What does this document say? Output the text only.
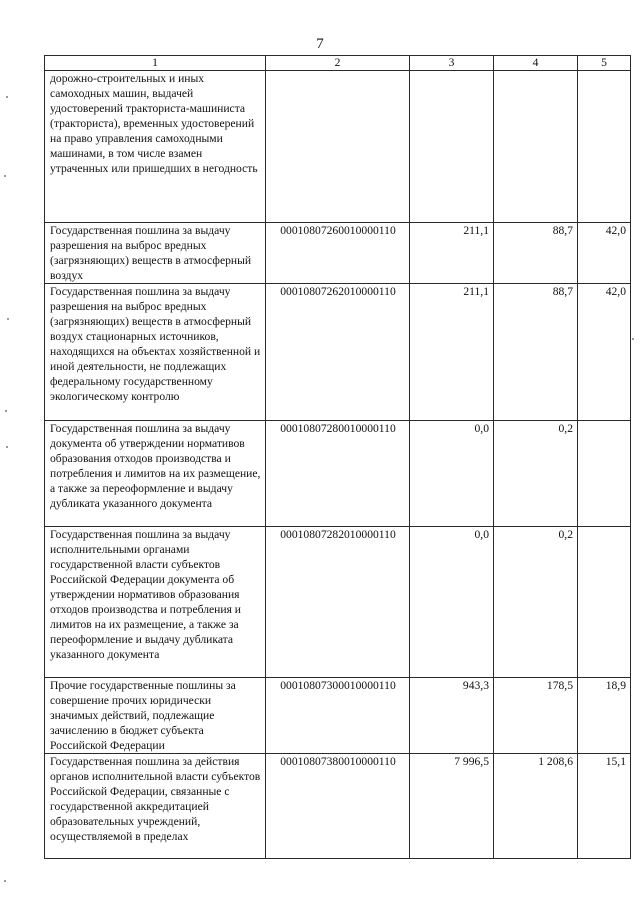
7
1	2	3	4	5
дорожно-строительных и иных самоходных машин, выдачей удостоверений тракториста-машиниста (тракториста), временных удостоверений на право управления самоходными машинами, в том числе взамен утраченных или пришедших в негодность				
Государственная пошлина за выдачу разрешения на выброс вредных (загрязняющих) веществ в атмосферный воздух	00010807260010000110	211,1	88,7	42,0
Государственная пошлина за выдачу разрешения на выброс вредных (загрязняющих) веществ в атмосферный воздух стационарных источников, находящихся на объектах хозяйственной и иной деятельности, не подлежащих федеральному государственному экологическому контролю	00010807262010000110	211,1	88,7	42,0
Государственная пошлина за выдачу документа об утверждении нормативов образования отходов производства и потребления и лимитов на их размещение, а также за переоформление и выдачу дубликата указанного документа	00010807280010000110	0,0	0,2	
Государственная пошлина за выдачу исполнительными органами государственной власти субъектов Российской Федерации документа об утверждении нормативов образования отходов производства и потребления и лимитов на их размещение, а также за переоформление и выдачу дубликата указанного документа	00010807282010000110	0,0	0,2	
Прочие государственные пошлины за совершение прочих юридически значимых действий, подлежащие зачислению в бюджет субъекта Российской Федерации	00010807300010000110	943,3	178,5	18,9
Государственная пошлина за действия органов исполнительной власти субъектов Российской Федерации, связанные с государственной аккредитацией образовательных учреждений, осуществляемой в пределах	00010807380010000110	7 996,5	1 208,6	15,1
